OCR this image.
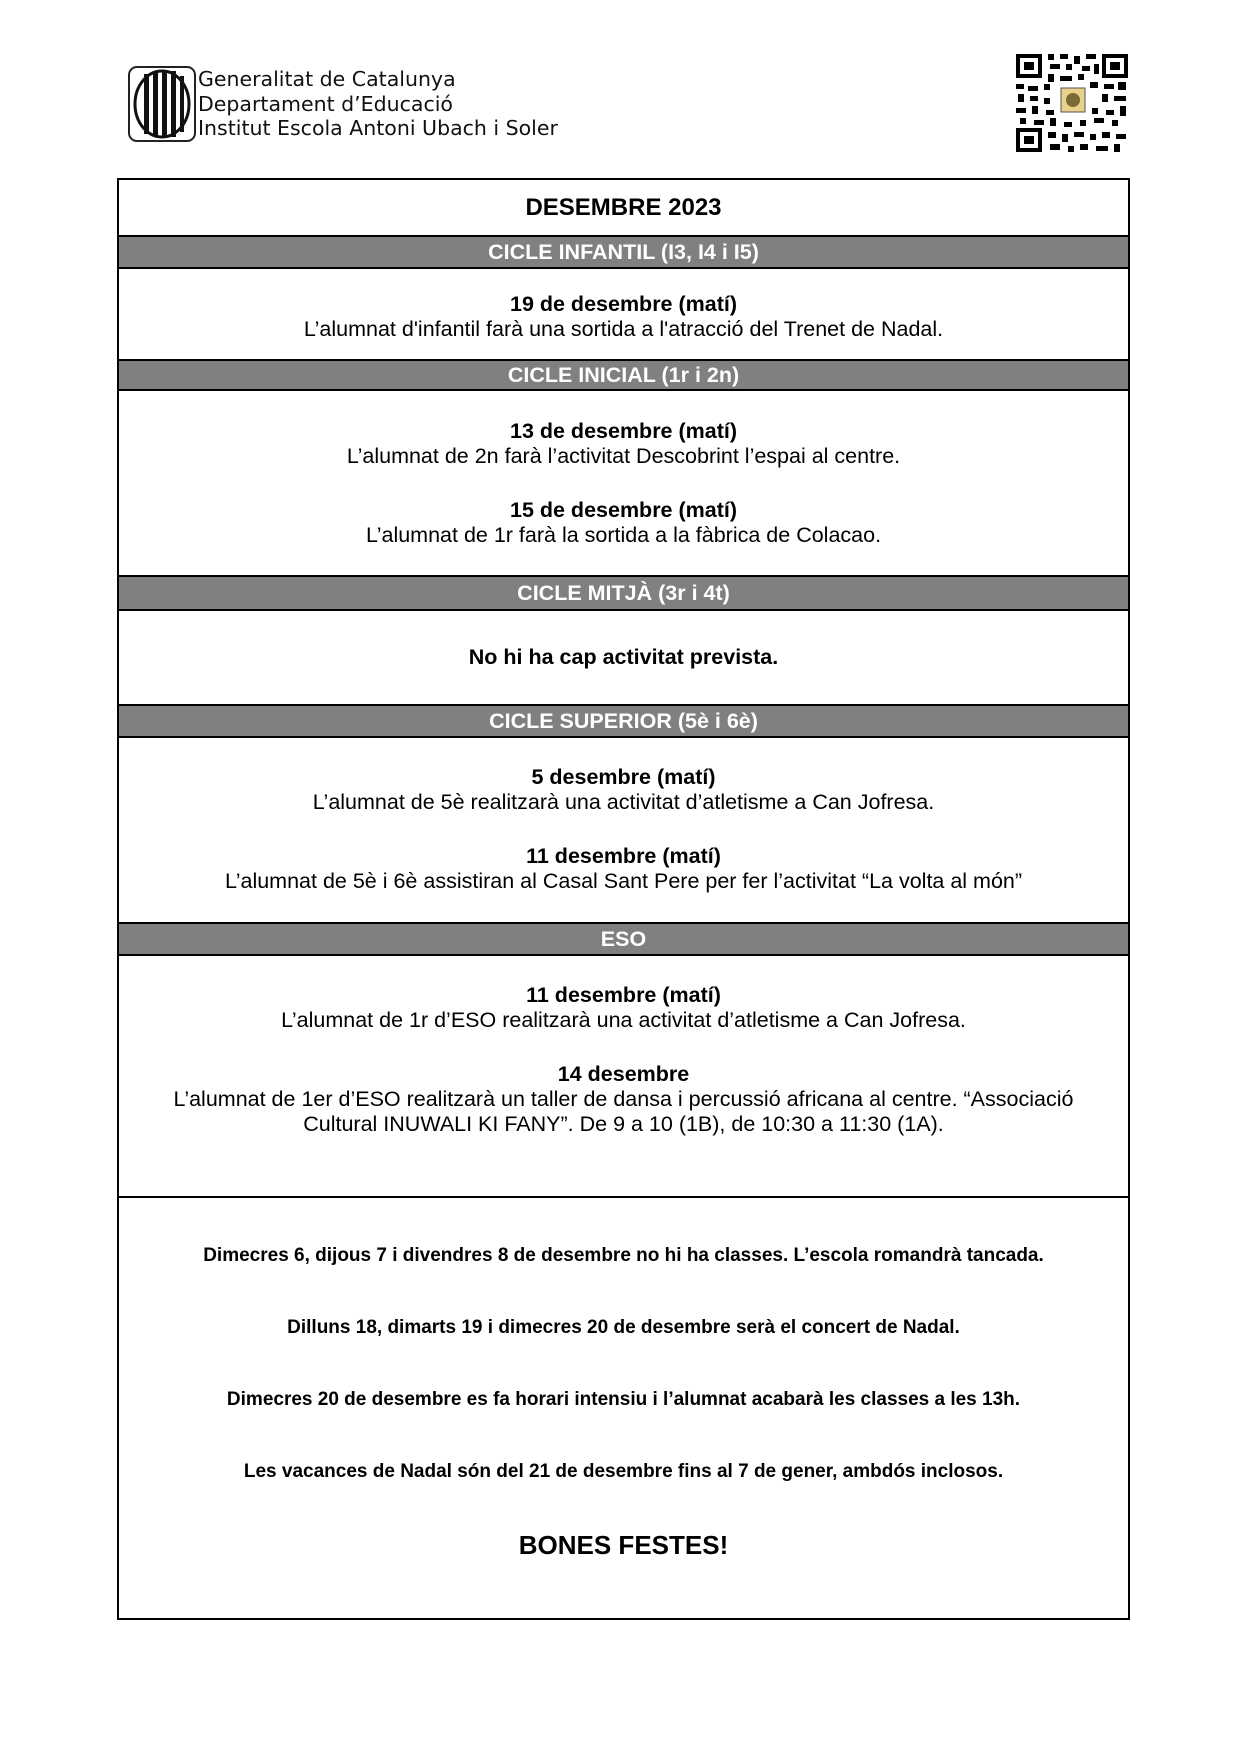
Generalitat de Catalunya
Departament d’Educació
Institut Escola Antoni Ubach i Soler
DESEMBRE 2023
CICLE INFANTIL (I3, I4 i I5)
19 de desembre (matí)
L’alumnat d'infantil farà una sortida a l'atracció del Trenet de Nadal.
CICLE INICIAL (1r i 2n)
13 de desembre (matí)
L’alumnat de 2n farà l’activitat Descobrint l’espai al centre.
15 de desembre (matí)
L’alumnat de 1r farà la sortida a la fàbrica de Colacao.
CICLE MITJÀ (3r i 4t)
No hi ha cap activitat prevista.
CICLE SUPERIOR (5è i 6è)
5 desembre (matí)
L’alumnat de 5è realitzarà una activitat d’atletisme a Can Jofresa.
11 desembre (matí)
L’alumnat de 5è i 6è assistiran al Casal Sant Pere per fer l’activitat “La volta al món”
ESO
11 desembre (matí)
L’alumnat de 1r d’ESO realitzarà una activitat d’atletisme a Can Jofresa.
14 desembre
L’alumnat de 1er d’ESO realitzarà un taller de dansa i percussió africana al centre. “Associació
Cultural INUWALI KI FANY”. De 9 a 10 (1B), de 10:30 a 11:30 (1A).
Dimecres 6, dijous 7 i divendres 8 de desembre no hi ha classes. L’escola romandrà tancada.
Dilluns 18, dimarts 19 i dimecres 20 de desembre serà el concert de Nadal.
Dimecres 20 de desembre es fa horari intensiu i l’alumnat acabarà les classes a les 13h.
Les vacances de Nadal són del 21 de desembre fins al 7 de gener, ambdós inclosos.
BONES FESTES!
